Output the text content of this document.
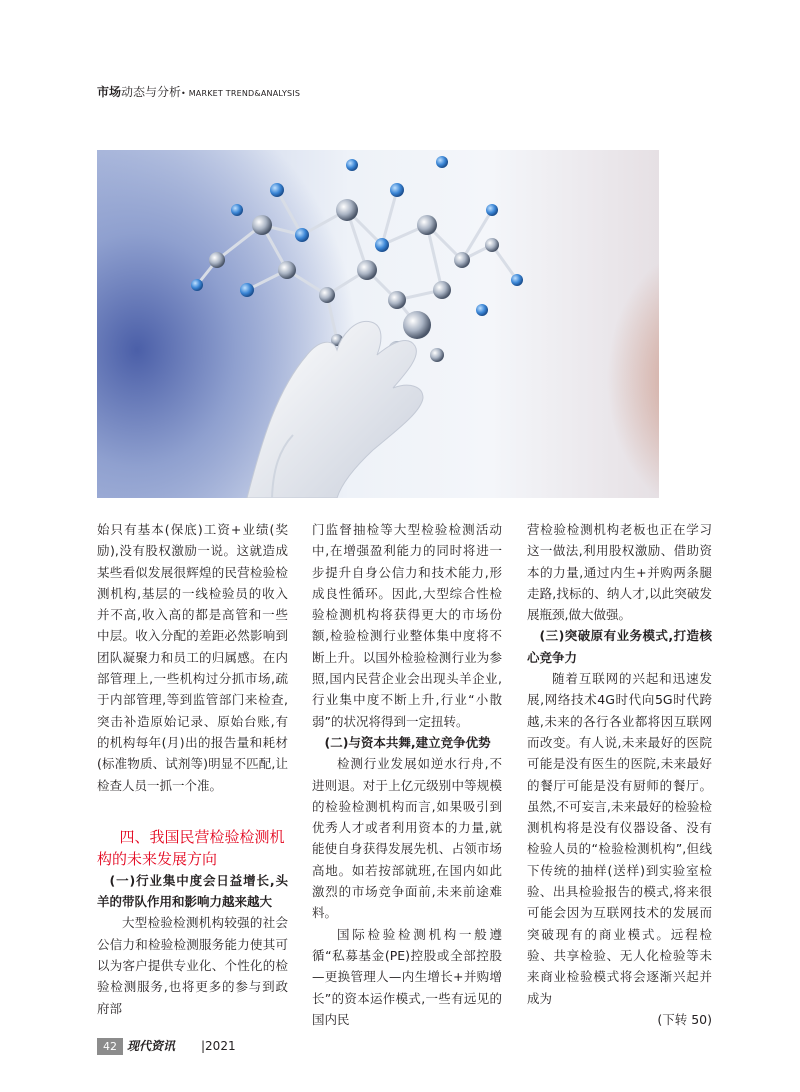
市场动态与分析• MARKET TREND&ANALYSIS

始只有基本(保底)工资+业绩(奖励),没有股权激励一说。这就造成某些看似发展很辉煌的民营检验检测机构,基层的一线检验员的收入并不高,收入高的都是高管和一些中层。收入分配的差距必然影响到团队凝聚力和员工的归属感。在内部管理上,一些机构过分抓市场,疏于内部管理,等到监管部门来检查,突击补造原始记录、原始台账,有的机构每年(月)出的报告量和耗材(标准物质、试剂等)明显不匹配,让检查人员一抓一个准。

四、我国民营检验检测机
构的未来发展方向

(一)行业集中度会日益增长,头羊的带队作用和影响力越来越大

大型检验检测机构较强的社会公信力和检验检测服务能力使其可以为客户提供专业化、个性化的检验检测服务,也将更多的参与到政府部

门监督抽检等大型检验检测活动中,在增强盈利能力的同时将进一步提升自身公信力和技术能力,形成良性循环。因此,大型综合性检验检测机构将获得更大的市场份额,检验检测行业整体集中度将不断上升。以国外检验检测行业为参照,国内民营企业会出现头羊企业,行业集中度不断上升,行业“小散弱”的状况将得到一定扭转。

(二)与资本共舞,建立竞争优势

检测行业发展如逆水行舟,不进则退。对于上亿元级别中等规模的检验检测机构而言,如果吸引到优秀人才或者利用资本的力量,就能使自身获得发展先机、占领市场高地。如若按部就班,在国内如此激烈的市场竞争面前,未来前途难料。

国际检验检测机构一般遵循“私募基金(PE)控股或全部控股—更换管理人—内生增长+并购增长”的资本运作模式,一些有远见的国内民

营检验检测机构老板也正在学习这一做法,利用股权激励、借助资本的力量,通过内生+并购两条腿走路,找标的、纳人才,以此突破发展瓶颈,做大做强。

(三)突破原有业务模式,打造核心竞争力

随着互联网的兴起和迅速发展,网络技术4G时代向5G时代跨越,未来的各行各业都将因互联网而改变。有人说,未来最好的医院可能是没有医生的医院,未来最好的餐厅可能是没有厨师的餐厅。虽然,不可妄言,未来最好的检验检测机构将是没有仪器设备、没有检验人员的“检验检测机构”,但线下传统的抽样(送样)到实验室检验、出具检验报告的模式,将来很可能会因为互联网技术的发展而突破现有的商业模式。远程检验、共享检验、无人化检验等未来商业检验模式将会逐渐兴起并成为

(下转 50)

42 现代资讯 |2021
